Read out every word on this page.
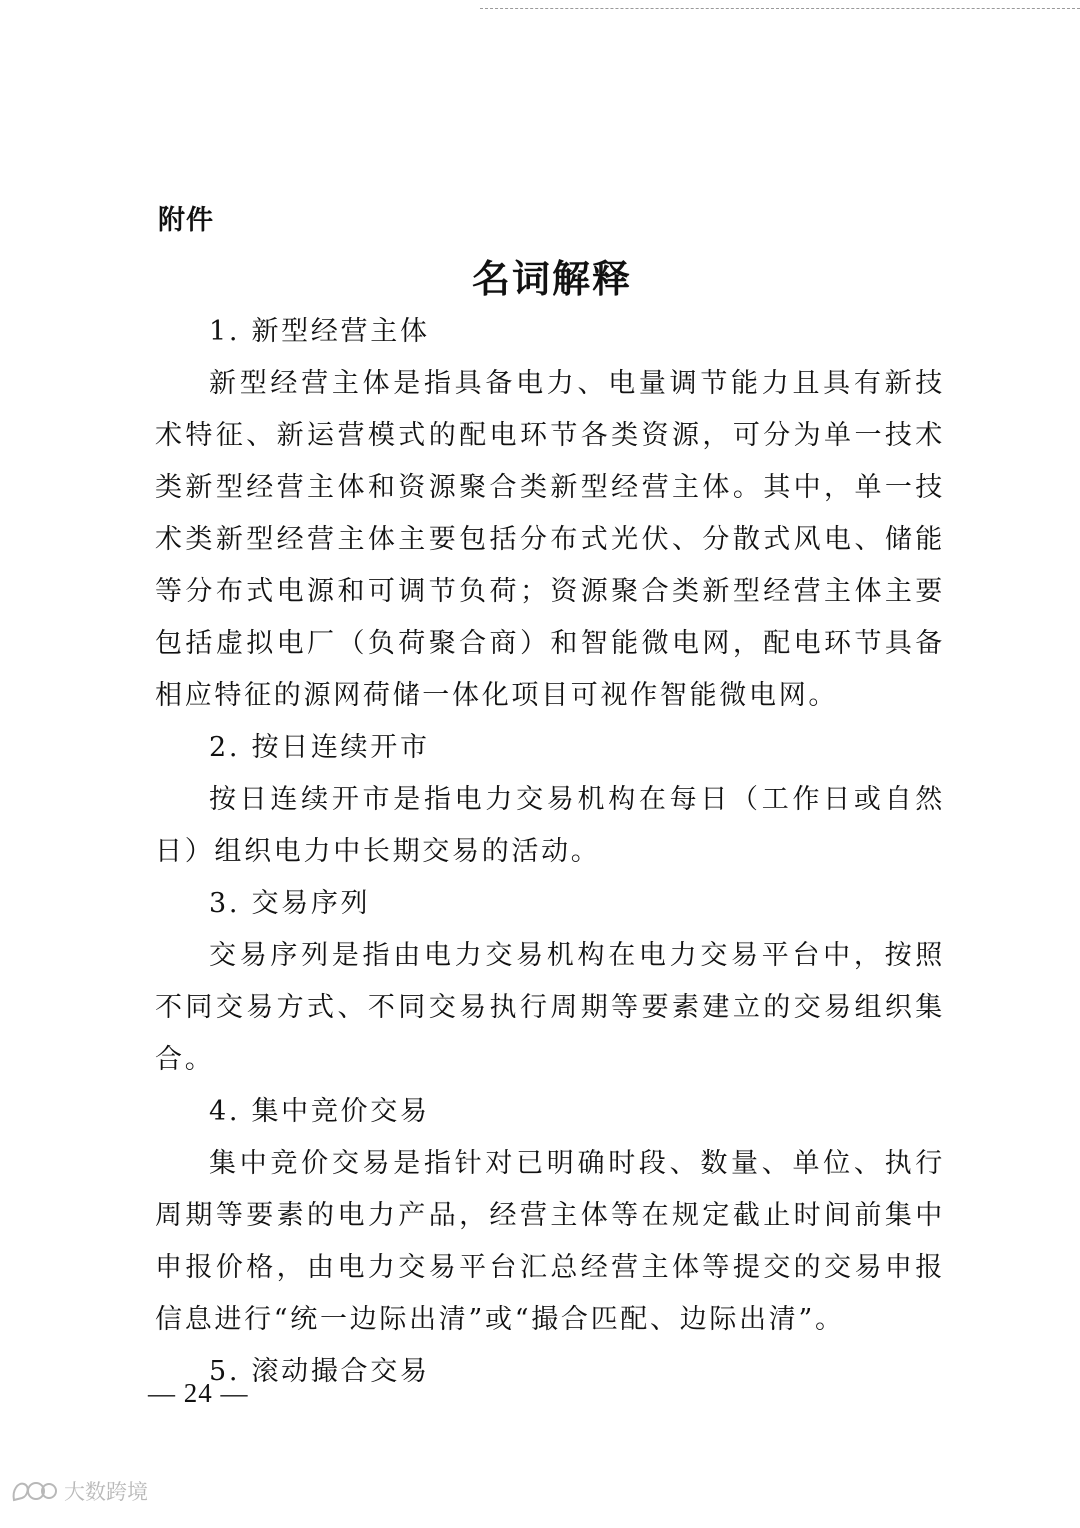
附件
名词解释

1. 新型经营主体

新型经营主体是指具备电力、电量调节能力且具有新技术特征、新运营模式的配电环节各类资源，可分为单一技术类新型经营主体和资源聚合类新型经营主体。其中，单一技术类新型经营主体主要包括分布式光伏、分散式风电、储能等分布式电源和可调节负荷；资源聚合类新型经营主体主要包括虚拟电厂（负荷聚合商）和智能微电网，配电环节具备相应特征的源网荷储一体化项目可视作智能微电网。

2. 按日连续开市

按日连续开市是指电力交易机构在每日（工作日或自然日）组织电力中长期交易的活动。

3. 交易序列

交易序列是指由电力交易机构在电力交易平台中，按照不同交易方式、不同交易执行周期等要素建立的交易组织集合。

4. 集中竞价交易

集中竞价交易是指针对已明确时段、数量、单位、执行周期等要素的电力产品，经营主体等在规定截止时间前集中申报价格，由电力交易平台汇总经营主体等提交的交易申报信息进行“统一边际出清”或“撮合匹配、边际出清”。

5. 滚动撮合交易

— 24 —
大数跨境
